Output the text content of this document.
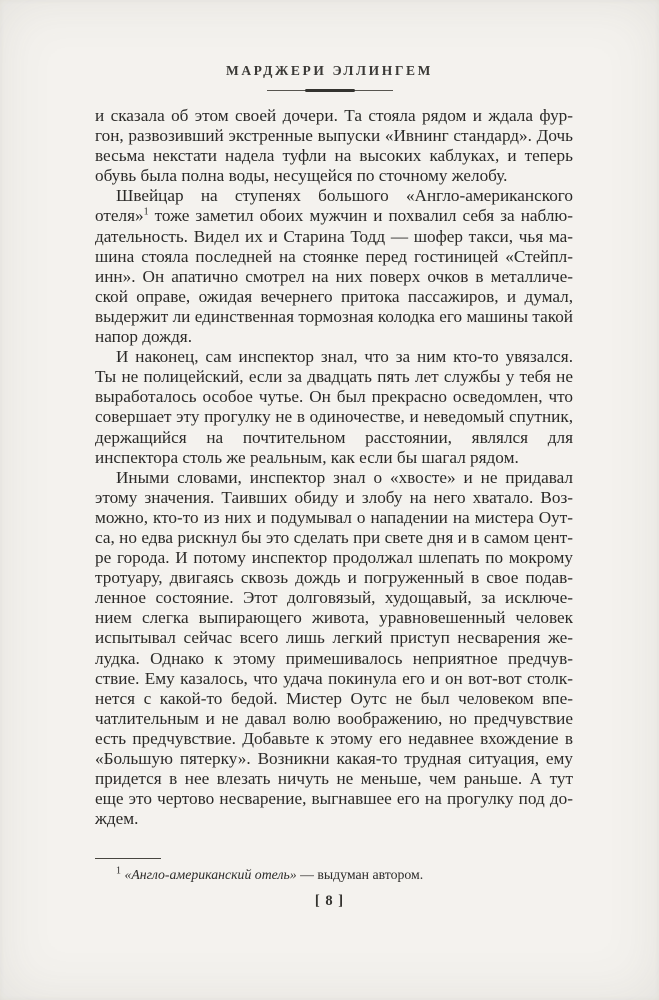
МАРДЖЕРИ ЭЛЛИНГЕМ

и сказала об этом своей дочери. Та стояла рядом и ждала фургон, развозивший экстренные выпуски «Ивнинг стандард». Дочь весьма некстати надела туфли на высоких каблуках, и теперь обувь была полна воды, несущейся по сточному желобу.

Швейцар на ступенях большого «Англо-американского отеля»$^1$ тоже заметил обоих мужчин и похвалил себя за наблюдательность. Видел их и Старина Тодд — шофер такси, чья машина стояла последней на стоянке перед гостиницей «Стейплинн». Он апатично смотрел на них поверх очков в металлической оправе, ожидая вечернего притока пассажиров, и думал, выдержит ли единственная тормозная колодка его машины такой напор дождя.

И наконец, сам инспектор знал, что за ним кто-то увязался. Ты не полицейский, если за двадцать пять лет службы у тебя не выработалось особое чутье. Он был прекрасно осведомлен, что совершает эту прогулку не в одиночестве, и неведомый спутник, держащийся на почтительном расстоянии, являлся для инспектора столь же реальным, как если бы шагал рядом.

Иными словами, инспектор знал о «хвосте» и не придавал этому значения. Таивших обиду и злобу на него хватало. Возможно, кто-то из них и подумывал о нападении на мистера Оутса, но едва рискнул бы это сделать при свете дня и в самом центре города. И потому инспектор продолжал шлепать по мокрому тротуару, двигаясь сквозь дождь и погруженный в свое подавленное состояние. Этот долговязый, худощавый, за исключением слегка выпирающего живота, уравновешенный человек испытывал сейчас всего лишь легкий приступ несварения желудка. Однако к этому примешивалось неприятное предчувствие. Ему казалось, что удача покинула его и он вот-вот столкнется с какой-то бедой. Мистер Оутс не был человеком впечатлительным и не давал волю воображению, но предчувствие есть предчувствие. Добавьте к этому его недавнее вхождение в «Большую пятерку». Возникни какая-то трудная ситуация, ему придется в нее влезать ничуть не меньше, чем раньше. А тут еще это чертово несварение, выгнавшее его на прогулку под дождем.

$^1$ «Англо-американский отель» — выдуман автором.

[ 8 ]
